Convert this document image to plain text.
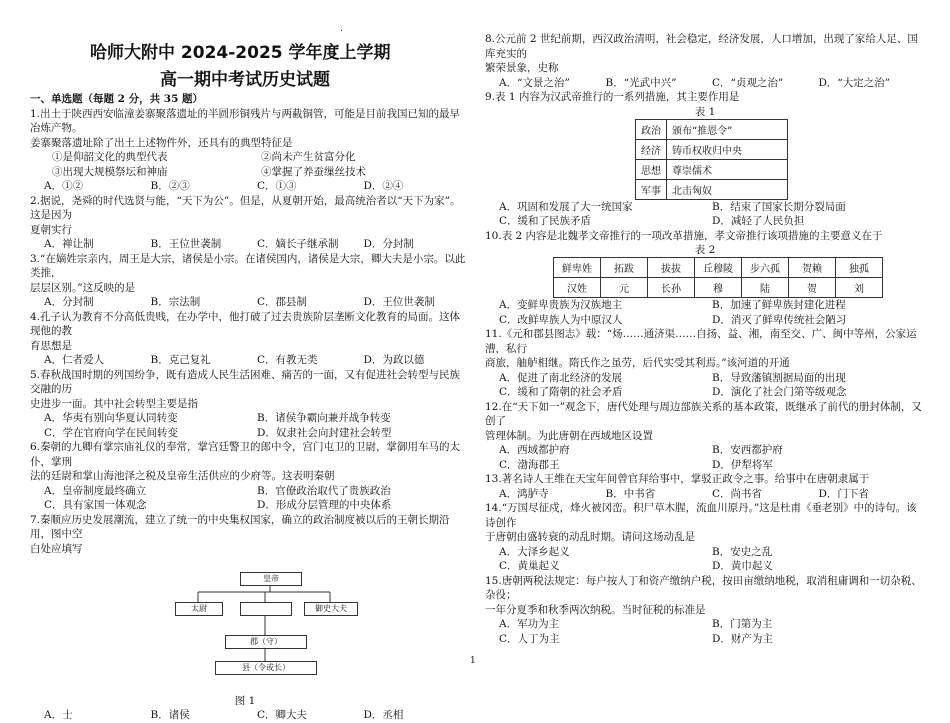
.
哈师大附中 2024-2025 学年度上学期
高一期中考试历史试题
一、单选题（每题 2 分，共 35 题）
1.出土于陕西西安临潼姜寨聚落遗址的半圆形铜残片与两截铜管，可能是目前我国已知的最早冶炼产物。
姜寨聚落遗址除了出土上述物件外，还具有的典型特征是
①是仰韶文化的典型代表	②尚未产生贫富分化
③出现大规模祭坛和神庙	④掌握了养蚕缫丝技术
A．①②	B．②③	C．①③	D．②④
2.据说，尧舜的时代选贤与能，“天下为公”。但是，从夏朝开始，最高统治者以“天下为家”。这是因为
夏朝实行
A．禅让制	B．王位世袭制	C．嫡长子继承制	D．分封制
3.“在嫡姓宗亲内，周王是大宗，诸侯是小宗。在诸侯国内，诸侯是大宗，卿大夫是小宗。以此类推，
层层区别。”这反映的是
A．分封制	B．宗法制	C．郡县制	D．王位世袭制
4.孔子认为教育不分高低贵贱，在办学中，他打破了过去贵族阶层垄断文化教育的局面。这体现他的教
育思想是
A．仁者爱人	B．克己复礼	C．有教无类	D．为政以德
5.春秋战国时期的列国纷争，既有造成人民生活困难、痛苦的一面，又有促进社会转型与民族交融的历
史进步一面。其中社会转型主要是指
A．华夷有别向华夏认同转变	B．诸侯争霸向兼并战争转变
C．学在官府向学在民间转变	D．奴隶社会向封建社会转型
6.秦朝的九卿有掌宗庙礼仪的奉常，掌宫廷警卫的郎中令，宫门屯卫的卫尉，掌御用车马的太仆，掌刑
法的廷尉和掌山海池泽之税及皇帝生活供应的少府等。这表明秦朝
A．皇帝制度最终确立	B．官僚政治取代了贵族政治
C．具有家国一体观念	D．形成分层管理的中央体系
7.秦顺应历史发展潮流，建立了统一的中央集权国家，确立的政治制度被以后的王朝长期沿用，图中空
白处应填写
皇帝
太尉	御史大夫
郡（守）
县（令或长）
图 1
A．士	B．诸侯	C．卿大夫	D．丞相
8.公元前 2 世纪前期，西汉政治清明，社会稳定，经济发展，人口增加，出现了家给人足、国库充实的
繁荣景象，史称
A．“文景之治”	B．“光武中兴”	C．“贞观之治”	D．“大定之治”
9.表 1 内容为汉武帝推行的一系列措施，其主要作用是
表 1
政治	颁布“推恩令”
经济	铸币权收归中央
思想	尊崇儒术
军事	北击匈奴
A．巩固和发展了大一统国家	B．结束了国家长期分裂局面
C．缓和了民族矛盾	D．减轻了人民负担
10.表 2 内容是北魏孝文帝推行的一项改革措施，孝文帝推行该项措施的主要意义在于
表 2
鲜卑姓	拓跋	拔拔	丘穆陵	步六孤	贺赖	独孤
汉姓	元	长孙	穆	陆	贺	刘
A．变鲜卑贵族为汉族地主	B．加速了鲜卑族封建化进程
C．改鲜卑族人为中原汉人	D．消灭了鲜卑传统社会陋习
11.《元和郡县图志》载：“炀……通济渠……自扬、益、湘，南至交、广、闽中等州，公家运漕，私行
商旅，舳舻相继。隋氏作之虽劳，后代实受其利焉。”该河道的开通
A．促进了南北经济的发展	B．导致藩镇割据局面的出现
C．缓和了隋朝的社会矛盾	D．演化了社会门第等级观念
12.在“天下如一”观念下，唐代处理与周边部族关系的基本政策，既继承了前代的册封体制，又创了
管理体制。为此唐朝在西域地区设置
A．西域都护府	B．安西都护府
C．渤海郡王	D．伊犁将军
13.著名诗人王维在天宝年间曾官拜给事中，掌驳正政令之事。给事中在唐朝隶属于
A．鸿胪寺	B．中书省	C．尚书省	D．门下省
14.“万国尽征戍，烽火被冈峦。积尸草木腥，流血川原丹。”这是杜甫《垂老别》中的诗句。该诗创作
于唐朝由盛转衰的动乱时期。请问这场动乱是
A．大泽乡起义	B．安史之乱
C．黄巢起义	D．黄巾起义
15.唐朝两税法规定：每户按人丁和资产缴纳户税，按田亩缴纳地税，取消租庸调和一切杂税、杂役；
一年分夏季和秋季两次纳税。当时征税的标准是
A．军功为主	B．门第为主
C．人丁为主	D．财产为主
1
